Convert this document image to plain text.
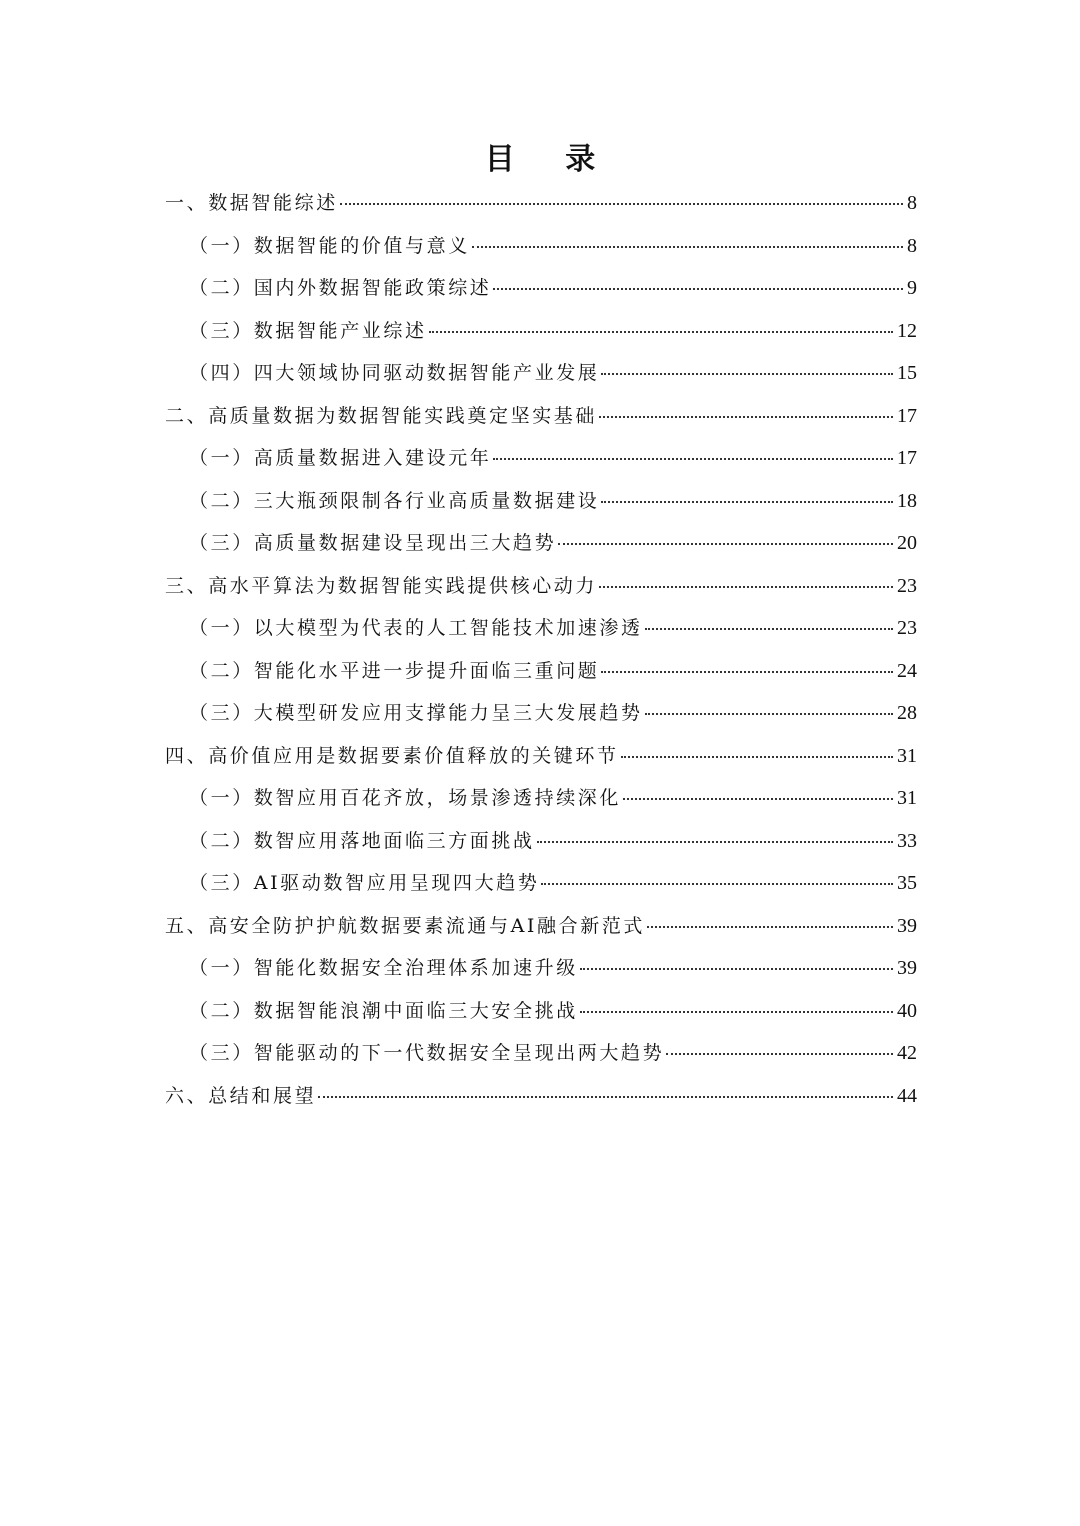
目 录
一、数据智能综述	8
（一）数据智能的价值与意义	8
（二）国内外数据智能政策综述	9
（三）数据智能产业综述	12
（四）四大领域协同驱动数据智能产业发展	15
二、高质量数据为数据智能实践奠定坚实基础	17
（一）高质量数据进入建设元年	17
（二）三大瓶颈限制各行业高质量数据建设	18
（三）高质量数据建设呈现出三大趋势	20
三、高水平算法为数据智能实践提供核心动力	23
（一）以大模型为代表的人工智能技术加速渗透	23
（二）智能化水平进一步提升面临三重问题	24
（三）大模型研发应用支撑能力呈三大发展趋势	28
四、高价值应用是数据要素价值释放的关键环节	31
（一）数智应用百花齐放，场景渗透持续深化	31
（二）数智应用落地面临三方面挑战	33
（三）AI驱动数智应用呈现四大趋势	35
五、高安全防护护航数据要素流通与AI融合新范式	39
（一）智能化数据安全治理体系加速升级	39
（二）数据智能浪潮中面临三大安全挑战	40
（三）智能驱动的下一代数据安全呈现出两大趋势	42
六、总结和展望	44
